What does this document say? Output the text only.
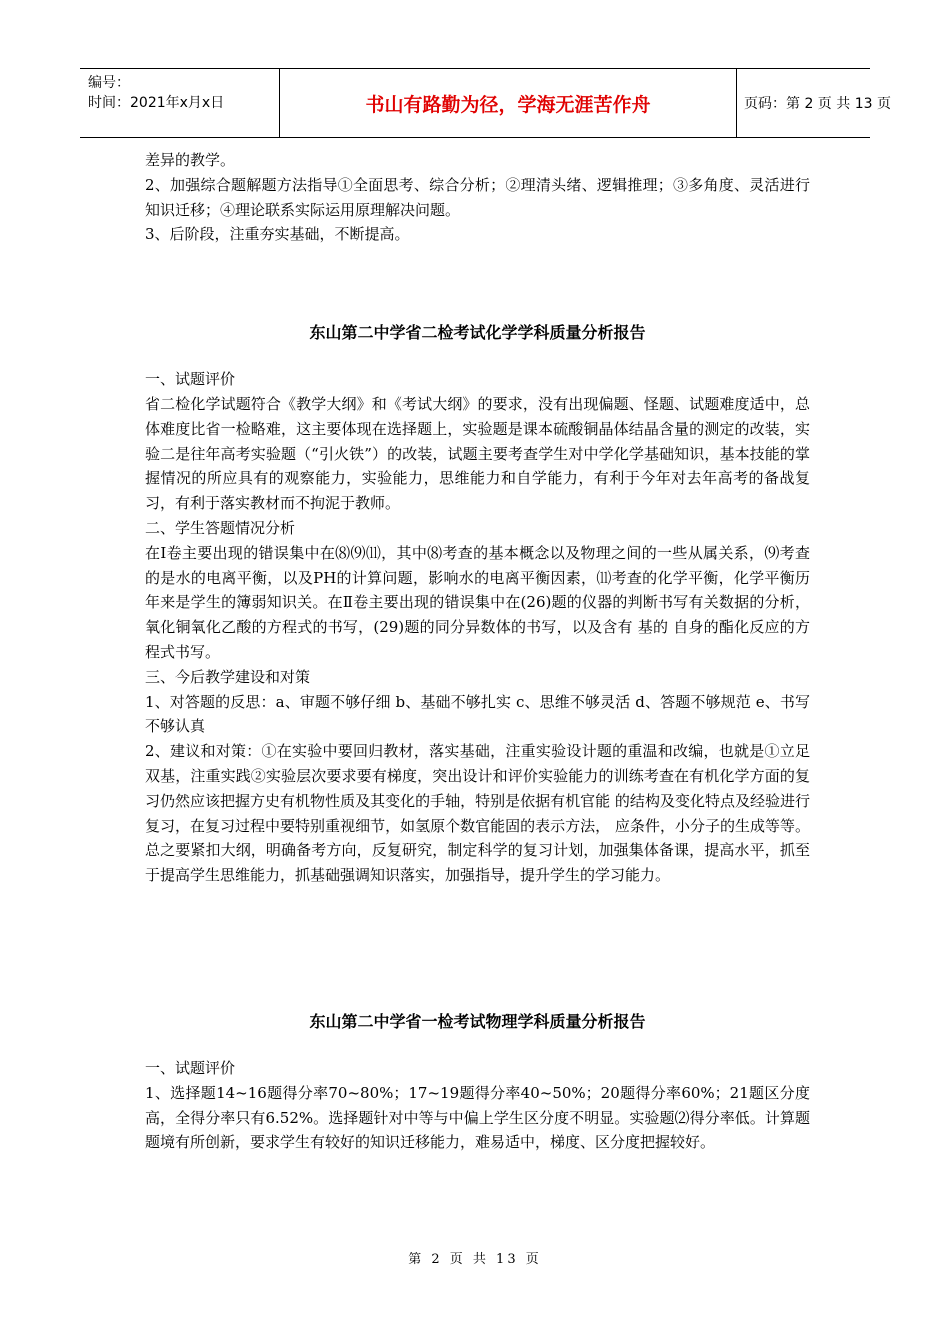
编号：
时间：2021年x月x日	书山有路勤为径，学海无涯苦作舟	页码：第 2 页 共 13 页

差异的教学。

2、加强综合题解题方法指导①全面思考、综合分析；②理清头绪、逻辑推理；③多角度、灵活进行知识迁移；④理论联系实际运用原理解决问题。

3、后阶段，注重夯实基础，不断提高。

东山第二中学省二检考试化学学科质量分析报告

一、试题评价

省二检化学试题符合《教学大纲》和《考试大纲》的要求，没有出现偏题、怪题、试题难度适中，总体难度比省一检略难，这主要体现在选择题上，实验题是课本硫酸铜晶体结晶含量的测定的改装，实验二是往年高考实验题（“引火铁”）的改装，试题主要考查学生对中学化学基础知识，基本技能的掌握情况的所应具有的观察能力，实验能力，思维能力和自学能力，有利于今年对去年高考的备战复习，有利于落实教材而不拘泥于教师。

二、学生答题情况分析

在Ⅰ卷主要出现的错误集中在⑻⑼⑾，其中⑻考查的基本概念以及物理之间的一些从属关系，⑼考查的是水的电离平衡，以及PH的计算问题，影响水的电离平衡因素，⑾考查的化学平衡，化学平衡历年来是学生的簿弱知识关。在Ⅱ卷主要出现的错误集中在(26)题的仪器的判断书写有关数据的分析，氧化铜氧化乙酸的方程式的书写，(29)题的同分异数体的书写，以及含有 基的 自身的酯化反应的方程式书写。

三、今后教学建设和对策

1、对答题的反思：a、审题不够仔细 b、基础不够扎实 c、思维不够灵活 d、答题不够规范 e、书写不够认真

2、建议和对策：①在实验中要回归教材，落实基础，注重实验设计题的重温和改编，也就是①立足双基，注重实践②实验层次要求要有梯度，突出设计和评价实验能力的训练考查在有机化学方面的复习仍然应该把握方史有机物性质及其变化的手轴，特别是依据有机官能 的结构及变化特点及经验进行复习，在复习过程中要特别重视细节，如氢原个数官能固的表示方法， 应条件，小分子的生成等等。总之要紧扣大纲，明确备考方向，反复研究，制定科学的复习计划，加强集体备课，提高水平，抓至于提高学生思维能力，抓基础强调知识落实，加强指导，提升学生的学习能力。

东山第二中学省一检考试物理学科质量分析报告

一、试题评价

1、选择题14~16题得分率70~80%；17~19题得分率40~50%；20题得分率60%；21题区分度高，全得分率只有6.52%。选择题针对中等与中偏上学生区分度不明显。实验题⑵得分率低。计算题题境有所创新，要求学生有较好的知识迁移能力，难易适中，梯度、区分度把握较好。

第 2 页 共 13 页
